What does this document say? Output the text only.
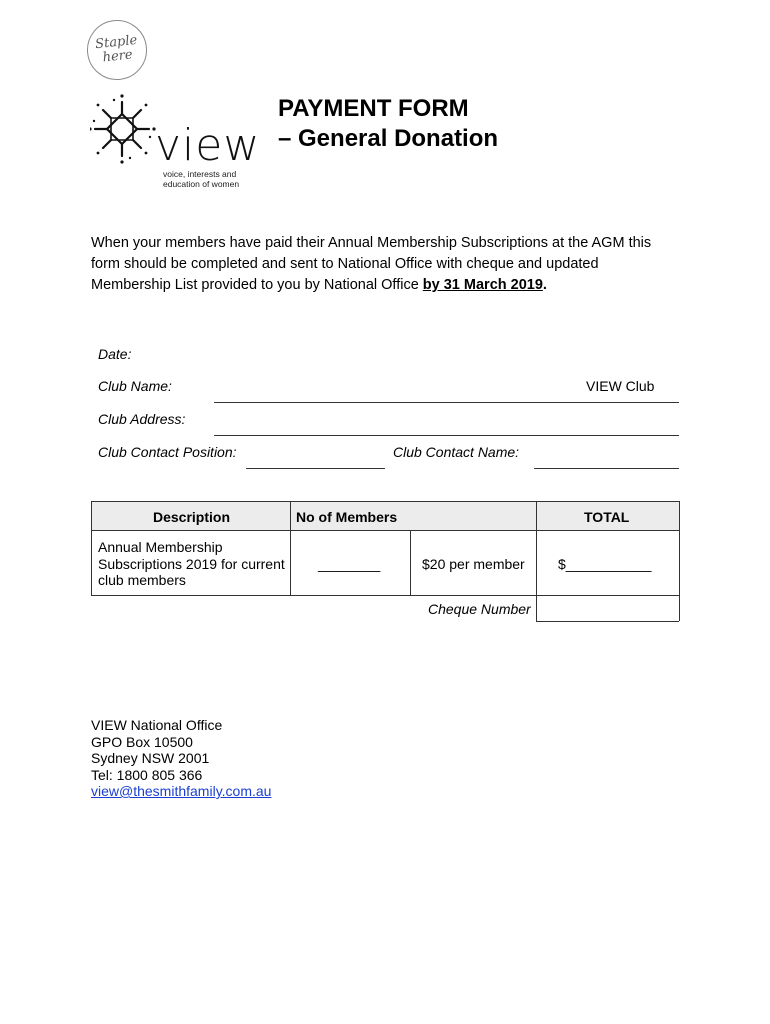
Staple
here
view
voice, interests and
education of women
PAYMENT FORM
– General Donation
When your members have paid their Annual Membership Subscriptions at the AGM this
form should be completed and sent to National Office with cheque and updated
Membership List provided to you by National Office by 31 March 2019.
Date:
Club Name:	VIEW Club
Club Address:
Club Contact Position:	Club Contact Name:
Description	No of Members	TOTAL
Annual Membership
Subscriptions 2019 for current
club members
________	$20 per member $___________
Cheque Number
VIEW National Office
GPO Box 10500
Sydney NSW 2001
Tel: 1800 805 366
view@thesmithfamily.com.au
